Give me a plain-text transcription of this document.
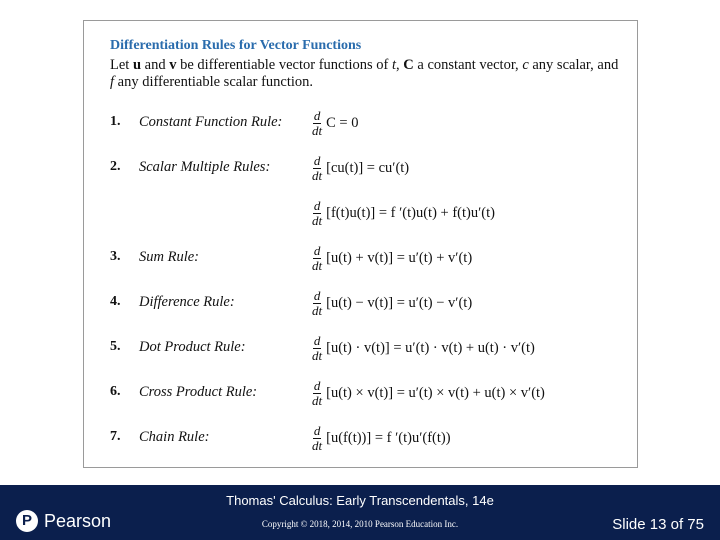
Differentiation Rules for Vector Functions
Let u and v be differentiable vector functions of t, C a constant vector, c any scalar, and f any differentiable scalar function.
1. Constant Function Rule: $\frac{d}{dt}$ C = 0
2. Scalar Multiple Rules:	$\frac{d}{dt} [cu(t)] = cu'(t)$
$\frac{d}{dt} [f(t)u(t)] = f$ ′(t)u(t) + f(t)u′(t)
3. Sum Rule:	$\frac{d}{dt} [u(t) + v(t)] = u'(t) + v'(t)$
4. Difference Rule:	$\frac{d}{dt} [u(t) - v(t)] = u'(t) - v'(t)$
5. Dot Product Rule:	$\frac{d}{dt} [u(t) \cdot v(t)] = u'(t) \cdot v(t) + u(t) \cdot v'(t)$
6. Cross Product Rule:	$\frac{d}{dt} [u(t) \times v(t)] = u'(t) \times v(t) + u(t) \times v'(t)$
7. Chain Rule:	$\frac{d}{dt} [u(f(t))] = f$ ′(t)u′(f(t))
Thomas' Calculus: Early Transcendentals, 14e
Copyright © 2018, 2014, 2010 Pearson Education Inc.
P Pearson	Slide 13 of 75
